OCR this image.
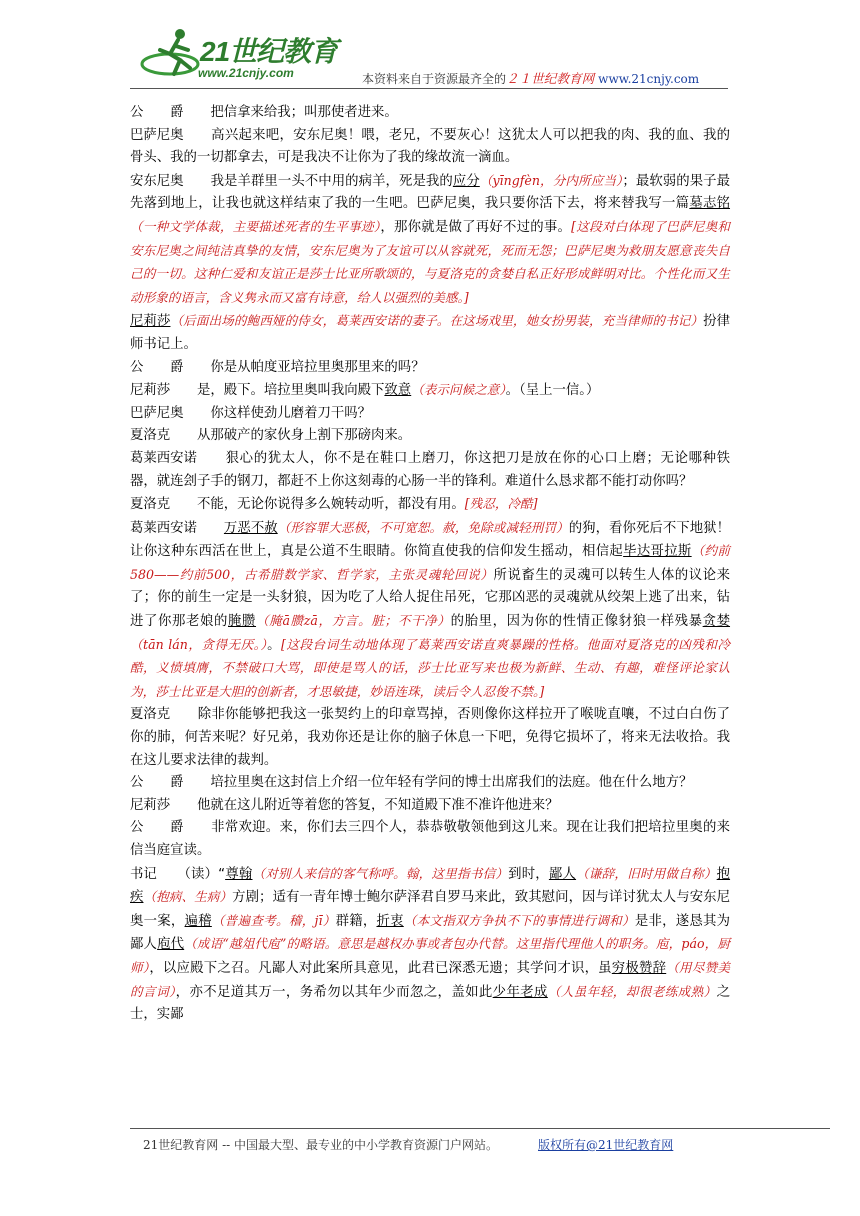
21世纪教育
www.21cnjy.com	本资料来自于资源最齐全的２１世纪教育网 www.21cnjy.com

公　　爵　　 把信拿来给我；叫那使者进来。

巴萨尼奥　　 高兴起来吧，安东尼奥！喂，老兄，不要灰心！这犹太人可以把我的肉、我的血、我的骨头、我的一切都拿去，可是我决不让你为了我的缘故流一滴血。

安东尼奥　　 我是羊群里一头不中用的病羊，死是我的应分（yīngfèn，分内所应当）；最软弱的果子最先落到地上，让我也就这样结束了我的一生吧。巴萨尼奥，我只要你活下去，将来替我写一篇墓志铭（一种文学体裁，主要描述死者的生平事迹），那你就是做了再好不过的事。[这段对白体现了巴萨尼奥和安东尼奥之间纯洁真挚的友情，安东尼奥为了友谊可以从容就死，死而无怨；巴萨尼奥为救朋友愿意丧失自己的一切。这种仁爱和友谊正是莎士比亚所歌颂的，与夏洛克的贪婪自私正好形成鲜明对比。个性化而又生动形象的语言，含义隽永而又富有诗意，给人以强烈的美感。]

尼莉莎（后面出场的鲍西娅的侍女，葛莱西安诺的妻子。在这场戏里，她女扮男装，充当律师的书记）扮律师书记上。

公　　爵　　 你是从帕度亚培拉里奥那里来的吗？

尼莉莎　　 是，殿下。培拉里奥叫我向殿下致意（表示问候之意）。（呈上一信。）

巴萨尼奥　　 你这样使劲儿磨着刀干吗？

夏洛克　　 从那破产的家伙身上割下那磅肉来。

葛莱西安诺　　 狠心的犹太人，你不是在鞋口上磨刀，你这把刀是放在你的心口上磨；无论哪种铁器，就连刽子手的钢刀，都赶不上你这刻毒的心肠一半的锋利。难道什么恳求都不能打动你吗？

夏洛克　　 不能，无论你说得多么婉转动听，都没有用。[残忍，冷酷]

葛莱西安诺　　 万恶不赦（形容罪大恶极，不可宽恕。赦，免除或减轻刑罚）的狗，看你死后不下地狱！让你这种东西活在世上，真是公道不生眼睛。你简直使我的信仰发生摇动，相信起毕达哥拉斯（约前580——约前500，古希腊数学家、哲学家，主张灵魂轮回说）所说畜生的灵魂可以转生人体的议论来了；你的前生一定是一头豺狼，因为吃了人给人捉住吊死，它那凶恶的灵魂就从绞架上逃了出来，钻进了你那老娘的腌臜（腌ā臜zā，方言。脏；不干净）的胎里，因为你的性情正像豺狼一样残暴贪婪（tān lán，贪得无厌。）。[这段台词生动地体现了葛莱西安诺直爽暴躁的性格。他面对夏洛克的凶残和冷酷，义愤填膺，不禁破口大骂，即使是骂人的话，莎士比亚写来也极为新鲜、生动、有趣，难怪评论家认为，莎士比亚是大胆的创新者，才思敏捷，妙语连珠，读后令人忍俊不禁。]

夏洛克　　 除非你能够把我这一张契约上的印章骂掉，否则像你这样拉开了喉咙直嚷，不过白白伤了你的肺，何苦来呢？好兄弟，我劝你还是让你的脑子休息一下吧，免得它损坏了，将来无法收拾。我在这儿要求法律的裁判。

公　　爵　　 培拉里奥在这封信上介绍一位年轻有学问的博士出席我们的法庭。他在什么地方？

尼莉莎　　 他就在这儿附近等着您的答复，不知道殿下准不准许他进来？

公　　爵　　 非常欢迎。来，你们去三四个人，恭恭敬敬领他到这儿来。现在让我们把培拉里奥的来信当庭宣读。

书记　　 （读）“尊翰（对别人来信的客气称呼。翰，这里指书信）到时，鄙人（谦辞，旧时用做自称）抱疾（抱病、生病）方剧；适有一青年博士鲍尔萨泽君自罗马来此，致其慰问，因与详讨犹太人与安东尼奥一案，遍稽（普遍查考。稽，jī）群籍，折衷（本文指双方争执不下的事情进行调和）是非，遂恳其为鄙人庖代（成语“越俎代庖”的略语。意思是越权办事或者包办代替。这里指代理他人的职务。庖，páo，厨师），以应殿下之召。凡鄙人对此案所具意见，此君已深悉无遗；其学问才识，虽穷极赞辞（用尽赞美的言词），亦不足道其万一，务希勿以其年少而忽之，盖如此少年老成（人虽年轻，却很老练成熟）之士，实鄙

21世纪教育网 -- 中国最大型、最专业的中小学教育资源门户网站。	版权所有@21世纪教育网
